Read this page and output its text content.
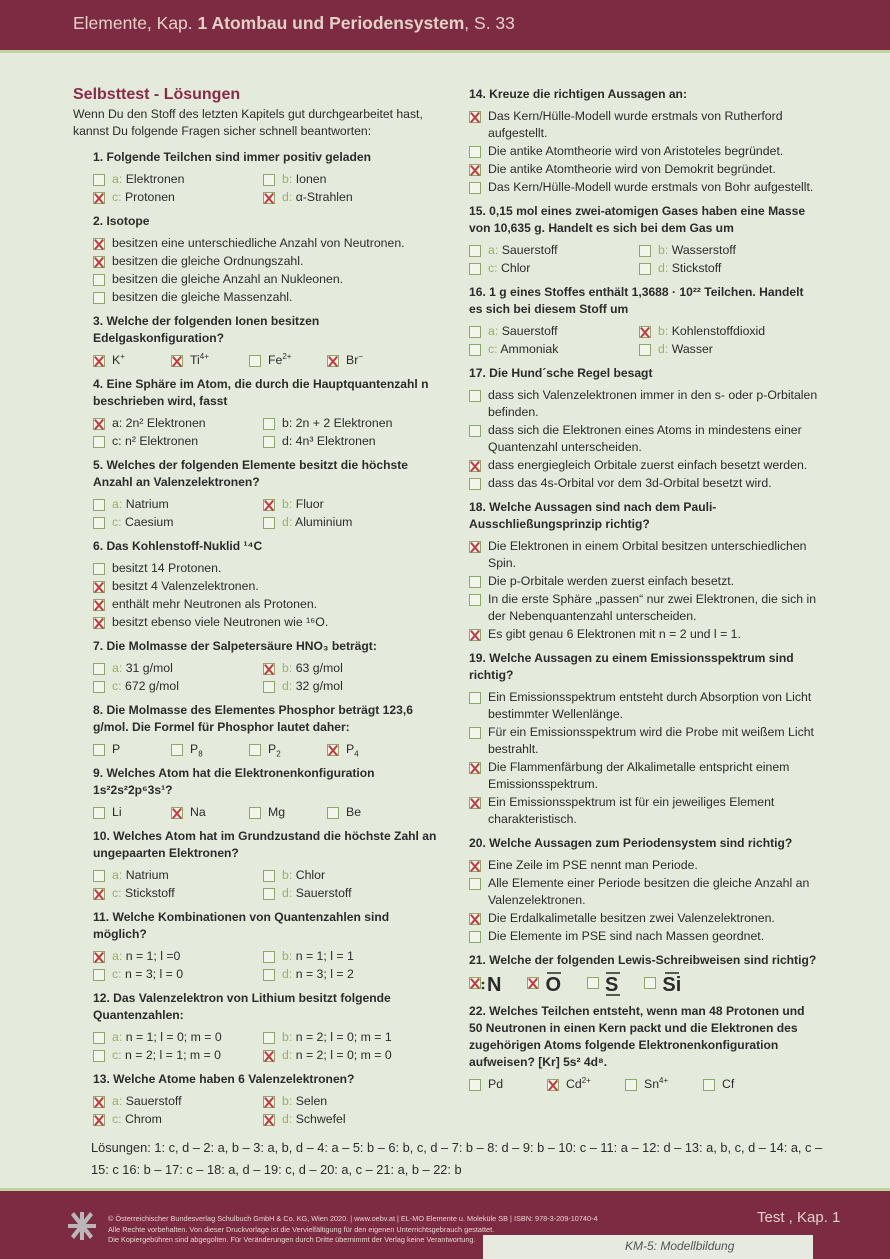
Elemente, Kap. 1 Atombau und Periodensystem, S. 33
Selbsttest - Lösungen
Wenn Du den Stoff des letzten Kapitels gut durchgearbeitet hast, kannst Du folgende Fragen sicher schnell beantworten:
1. Folgende Teilchen sind immer positiv geladen
a: Elektronen	b: Ionen
c: Protonen	d: α-Strahlen
2. Isotope
besitzen eine unterschiedliche Anzahl von Neutronen.
besitzen die gleiche Ordnungszahl.
besitzen die gleiche Anzahl an Nukleonen.
besitzen die gleiche Massenzahl.
3. Welche der folgenden Ionen besitzen Edelgaskonfiguration?
K+	$Ti^{4+}$	$Fe^{2+}$	Br−
4. Eine Sphäre im Atom, die durch die Hauptquantenzahl n beschrieben wird, fasst
a: 2n² Elektronen	b: 2n + 2 Elektronen
c: n² Elektronen	d: 4n³ Elektronen
5. Welches der folgenden Elemente besitzt die höchste Anzahl an Valenzelektronen?
a: Natrium	b: Fluor
c: Caesium	d: Aluminium
6. Das Kohlenstoff-Nuklid ¹⁴C
besitzt 14 Protonen.
besitzt 4 Valenzelektronen.
enthält mehr Neutronen als Protonen.
besitzt ebenso viele Neutronen wie ¹⁶O.
7. Die Molmasse der Salpetersäure HNO₃ beträgt:
a: 31 g/mol	b: 63 g/mol
c: 672 g/mol	d: 32 g/mol
8. Die Molmasse des Elementes Phosphor beträgt 123,6 g/mol. Die Formel für Phosphor lautet daher:
P	$P_8$	$P_2$	$P_4$
9. Welches Atom hat die Elektronenkonfiguration 1s²2s²2p⁶3s¹?
Li	Na	Mg	Be
10. Welches Atom hat im Grundzustand die höchste Zahl an ungepaarten Elektronen?
a: Natrium	b: Chlor
c: Stickstoff	d: Sauerstoff
11. Welche Kombinationen von Quantenzahlen sind möglich?
a: n = 1; l =0	b: n = 1; l = 1
c: n = 3; l = 0	d: n = 3; l = 2
12. Das Valenzelektron von Lithium besitzt folgende Quantenzahlen:
a: n = 1; l = 0; m = 0	b: n = 2; l = 0; m = 1
c: n = 2; l = 1; m = 0	d: n = 2; l = 0; m = 0
13. Welche Atome haben 6 Valenzelektronen?
a: Sauerstoff	b: Selen
c: Chrom	d: Schwefel
14. Kreuze die richtigen Aussagen an:
Das Kern/Hülle-Modell wurde erstmals von Rutherford aufgestellt.
Die antike Atomtheorie wird von Aristoteles begründet.
Die antike Atomtheorie wird von Demokrit begründet.
Das Kern/Hülle-Modell wurde erstmals von Bohr aufgestellt.
15. 0,15 mol eines zwei-atomigen Gases haben eine Masse von 10,635 g. Handelt es sich bei dem Gas um
a: Sauerstoff	b: Wasserstoff
c: Chlor	d: Stickstoff
16. 1 g eines Stoffes enthält 1,3688 · 10²² Teilchen. Handelt es sich bei diesem Stoff um
a: Sauerstoff	b: Kohlenstoffdioxid
c: Ammoniak	d: Wasser
17. Die Hund´sche Regel besagt
dass sich Valenzelektronen immer in den s- oder p-Orbitalen befinden.
dass sich die Elektronen eines Atoms in mindestens einer Quantenzahl unterscheiden.
dass energiegleich Orbitale zuerst einfach besetzt werden.
dass das 4s-Orbital vor dem 3d-Orbital besetzt wird.
18. Welche Aussagen sind nach dem Pauli-Ausschließungsprinzip richtig?
Die Elektronen in einem Orbital besitzen unterschiedlichen Spin.
Die p-Orbitale werden zuerst einfach besetzt.
In die erste Sphäre „passen“ nur zwei Elektronen, die sich in der Nebenquantenzahl unterscheiden.
Es gibt genau 6 Elektronen mit n = 2 und l = 1.
19. Welche Aussagen zu einem Emissionsspektrum sind richtig?
Ein Emissionsspektrum entsteht durch Absorption von Licht bestimmter Wellenlänge.
Für ein Emissionsspektrum wird die Probe mit weißem Licht bestrahlt.
Die Flammenfärbung der Alkalimetalle entspricht einem Emissionsspektrum.
Ein Emissionsspektrum ist für ein jeweiliges Element charakteristisch.
20. Welche Aussagen zum Periodensystem sind richtig?
Eine Zeile im PSE nennt man Periode.
Alle Elemente einer Periode besitzen die gleiche Anzahl an Valenzelektronen.
Die Erdalkalimetalle besitzen zwei Valenzelektronen.
Die Elemente im PSE sind nach Massen geordnet.
21. Welche der folgenden Lewis-Schreibweisen sind richtig?
N O S Si
22. Welches Teilchen entsteht, wenn man 48 Protonen und 50 Neutronen in einen Kern packt und die Elektronen des zugehörigen Atoms folgende Elektronenkonfiguration aufweisen? [Kr] 5s² 4d⁸.
Pd	$Cd^{2+}$	$Sn^{4+}$	Cf
Lösungen: 1: c, d – 2: a, b – 3: a, b, d – 4: a – 5: b – 6: b, c, d – 7: b – 8: d – 9: b – 10: c – 11: a – 12: d – 13: a, b, c, d – 14: a, c – 15: c 16: b – 17: c – 18: a, d – 19: c, d – 20: a, c – 21: a, b – 22: b
© Österreichischer Bundesverlag Schulbuch GmbH & Co. KG, Wien 2020. | www.oebv.at | EL-MO Elemente u. Moleküle SB | ISBN: 978-3-209-10740-4
Alle Rechte vorbehalten. Von dieser Druckvorlage ist die Vervielfältigung für den eigenen Unterrichtsgebrauch gestattet.
Die Kopiergebühren sind abgegolten. Für Veränderungen durch Dritte übernimmt der Verlag keine Verantwortung.
Test , Kap. 1
KM-5: Modellbildung
